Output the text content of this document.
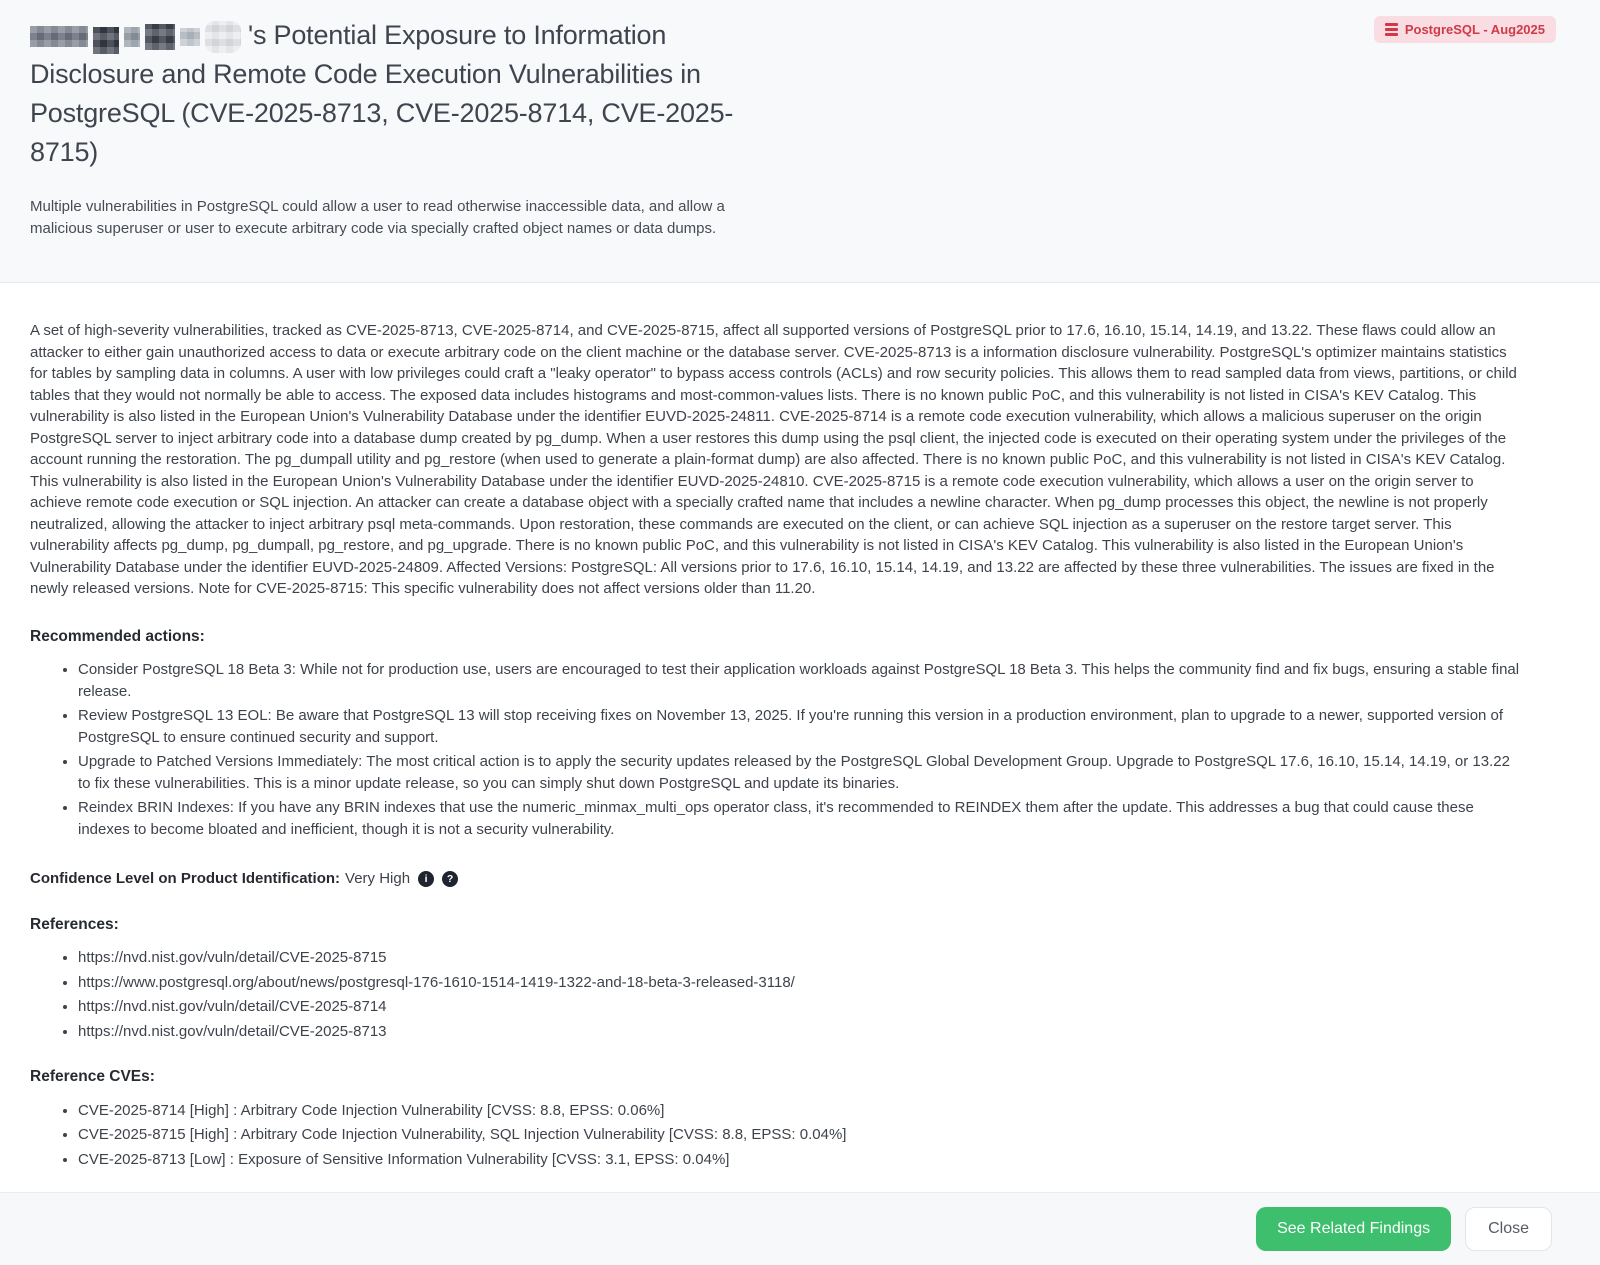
PostgreSQL - Aug2025
's Potential Exposure to Information Disclosure and Remote Code Execution Vulnerabilities in PostgreSQL (CVE-2025-8713, CVE-2025-8714, CVE-2025-8715)

Multiple vulnerabilities in PostgreSQL could allow a user to read otherwise inaccessible data, and allow a malicious superuser or user to execute arbitrary code via specially crafted object names or data dumps.

A set of high-severity vulnerabilities, tracked as CVE-2025-8713, CVE-2025-8714, and CVE-2025-8715, affect all supported versions of PostgreSQL prior to 17.6, 16.10, 15.14, 14.19, and 13.22. These flaws could allow an attacker to either gain unauthorized access to data or execute arbitrary code on the client machine or the database server. CVE-2025-8713 is a information disclosure vulnerability. PostgreSQL's optimizer maintains statistics for tables by sampling data in columns. A user with low privileges could craft a "leaky operator" to bypass access controls (ACLs) and row security policies. This allows them to read sampled data from views, partitions, or child tables that they would not normally be able to access. The exposed data includes histograms and most-common-values lists. There is no known public PoC, and this vulnerability is not listed in CISA's KEV Catalog. This vulnerability is also listed in the European Union's Vulnerability Database under the identifier EUVD-2025-24811. CVE-2025-8714 is a remote code execution vulnerability, which allows a malicious superuser on the origin PostgreSQL server to inject arbitrary code into a database dump created by pg_dump. When a user restores this dump using the psql client, the injected code is executed on their operating system under the privileges of the account running the restoration. The pg_dumpall utility and pg_restore (when used to generate a plain-format dump) are also affected. There is no known public PoC, and this vulnerability is not listed in CISA's KEV Catalog. This vulnerability is also listed in the European Union's Vulnerability Database under the identifier EUVD-2025-24810. CVE-2025-8715 is a remote code execution vulnerability, which allows a user on the origin server to achieve remote code execution or SQL injection. An attacker can create a database object with a specially crafted name that includes a newline character. When pg_dump processes this object, the newline is not properly neutralized, allowing the attacker to inject arbitrary psql meta-commands. Upon restoration, these commands are executed on the client, or can achieve SQL injection as a superuser on the restore target server. This vulnerability affects pg_dump, pg_dumpall, pg_restore, and pg_upgrade. There is no known public PoC, and this vulnerability is not listed in CISA's KEV Catalog. This vulnerability is also listed in the European Union's Vulnerability Database under the identifier EUVD-2025-24809. Affected Versions: PostgreSQL: All versions prior to 17.6, 16.10, 15.14, 14.19, and 13.22 are affected by these three vulnerabilities. The issues are fixed in the newly released versions. Note for CVE-2025-8715: This specific vulnerability does not affect versions older than 11.20.

Recommended actions:
• Consider PostgreSQL 18 Beta 3: While not for production use, users are encouraged to test their application workloads against PostgreSQL 18 Beta 3. This helps the community find and fix bugs, ensuring a stable final release.
• Review PostgreSQL 13 EOL: Be aware that PostgreSQL 13 will stop receiving fixes on November 13, 2025. If you're running this version in a production environment, plan to upgrade to a newer, supported version of PostgreSQL to ensure continued security and support.
• Upgrade to Patched Versions Immediately: The most critical action is to apply the security updates released by the PostgreSQL Global Development Group. Upgrade to PostgreSQL 17.6, 16.10, 15.14, 14.19, or 13.22 to fix these vulnerabilities. This is a minor update release, so you can simply shut down PostgreSQL and update its binaries.
• Reindex BRIN Indexes: If you have any BRIN indexes that use the numeric_minmax_multi_ops operator class, it's recommended to REINDEX them after the update. This addresses a bug that could cause these indexes to become bloated and inefficient, though it is not a security vulnerability.
Confidence Level on Product Identification: Very High	i	?
References:
• https://nvd.nist.gov/vuln/detail/CVE-2025-8715
• https://www.postgresql.org/about/news/postgresql-176-1610-1514-1419-1322-and-18-beta-3-released-3118/
• https://nvd.nist.gov/vuln/detail/CVE-2025-8714
• https://nvd.nist.gov/vuln/detail/CVE-2025-8713
Reference CVEs:
• CVE-2025-8714 [High] : Arbitrary Code Injection Vulnerability [CVSS: 8.8, EPSS: 0.06%]
• CVE-2025-8715 [High] : Arbitrary Code Injection Vulnerability, SQL Injection Vulnerability [CVSS: 8.8, EPSS: 0.04%]
• CVE-2025-8713 [Low] : Exposure of Sensitive Information Vulnerability [CVSS: 3.1, EPSS: 0.04%]

See Related Findings	Close
